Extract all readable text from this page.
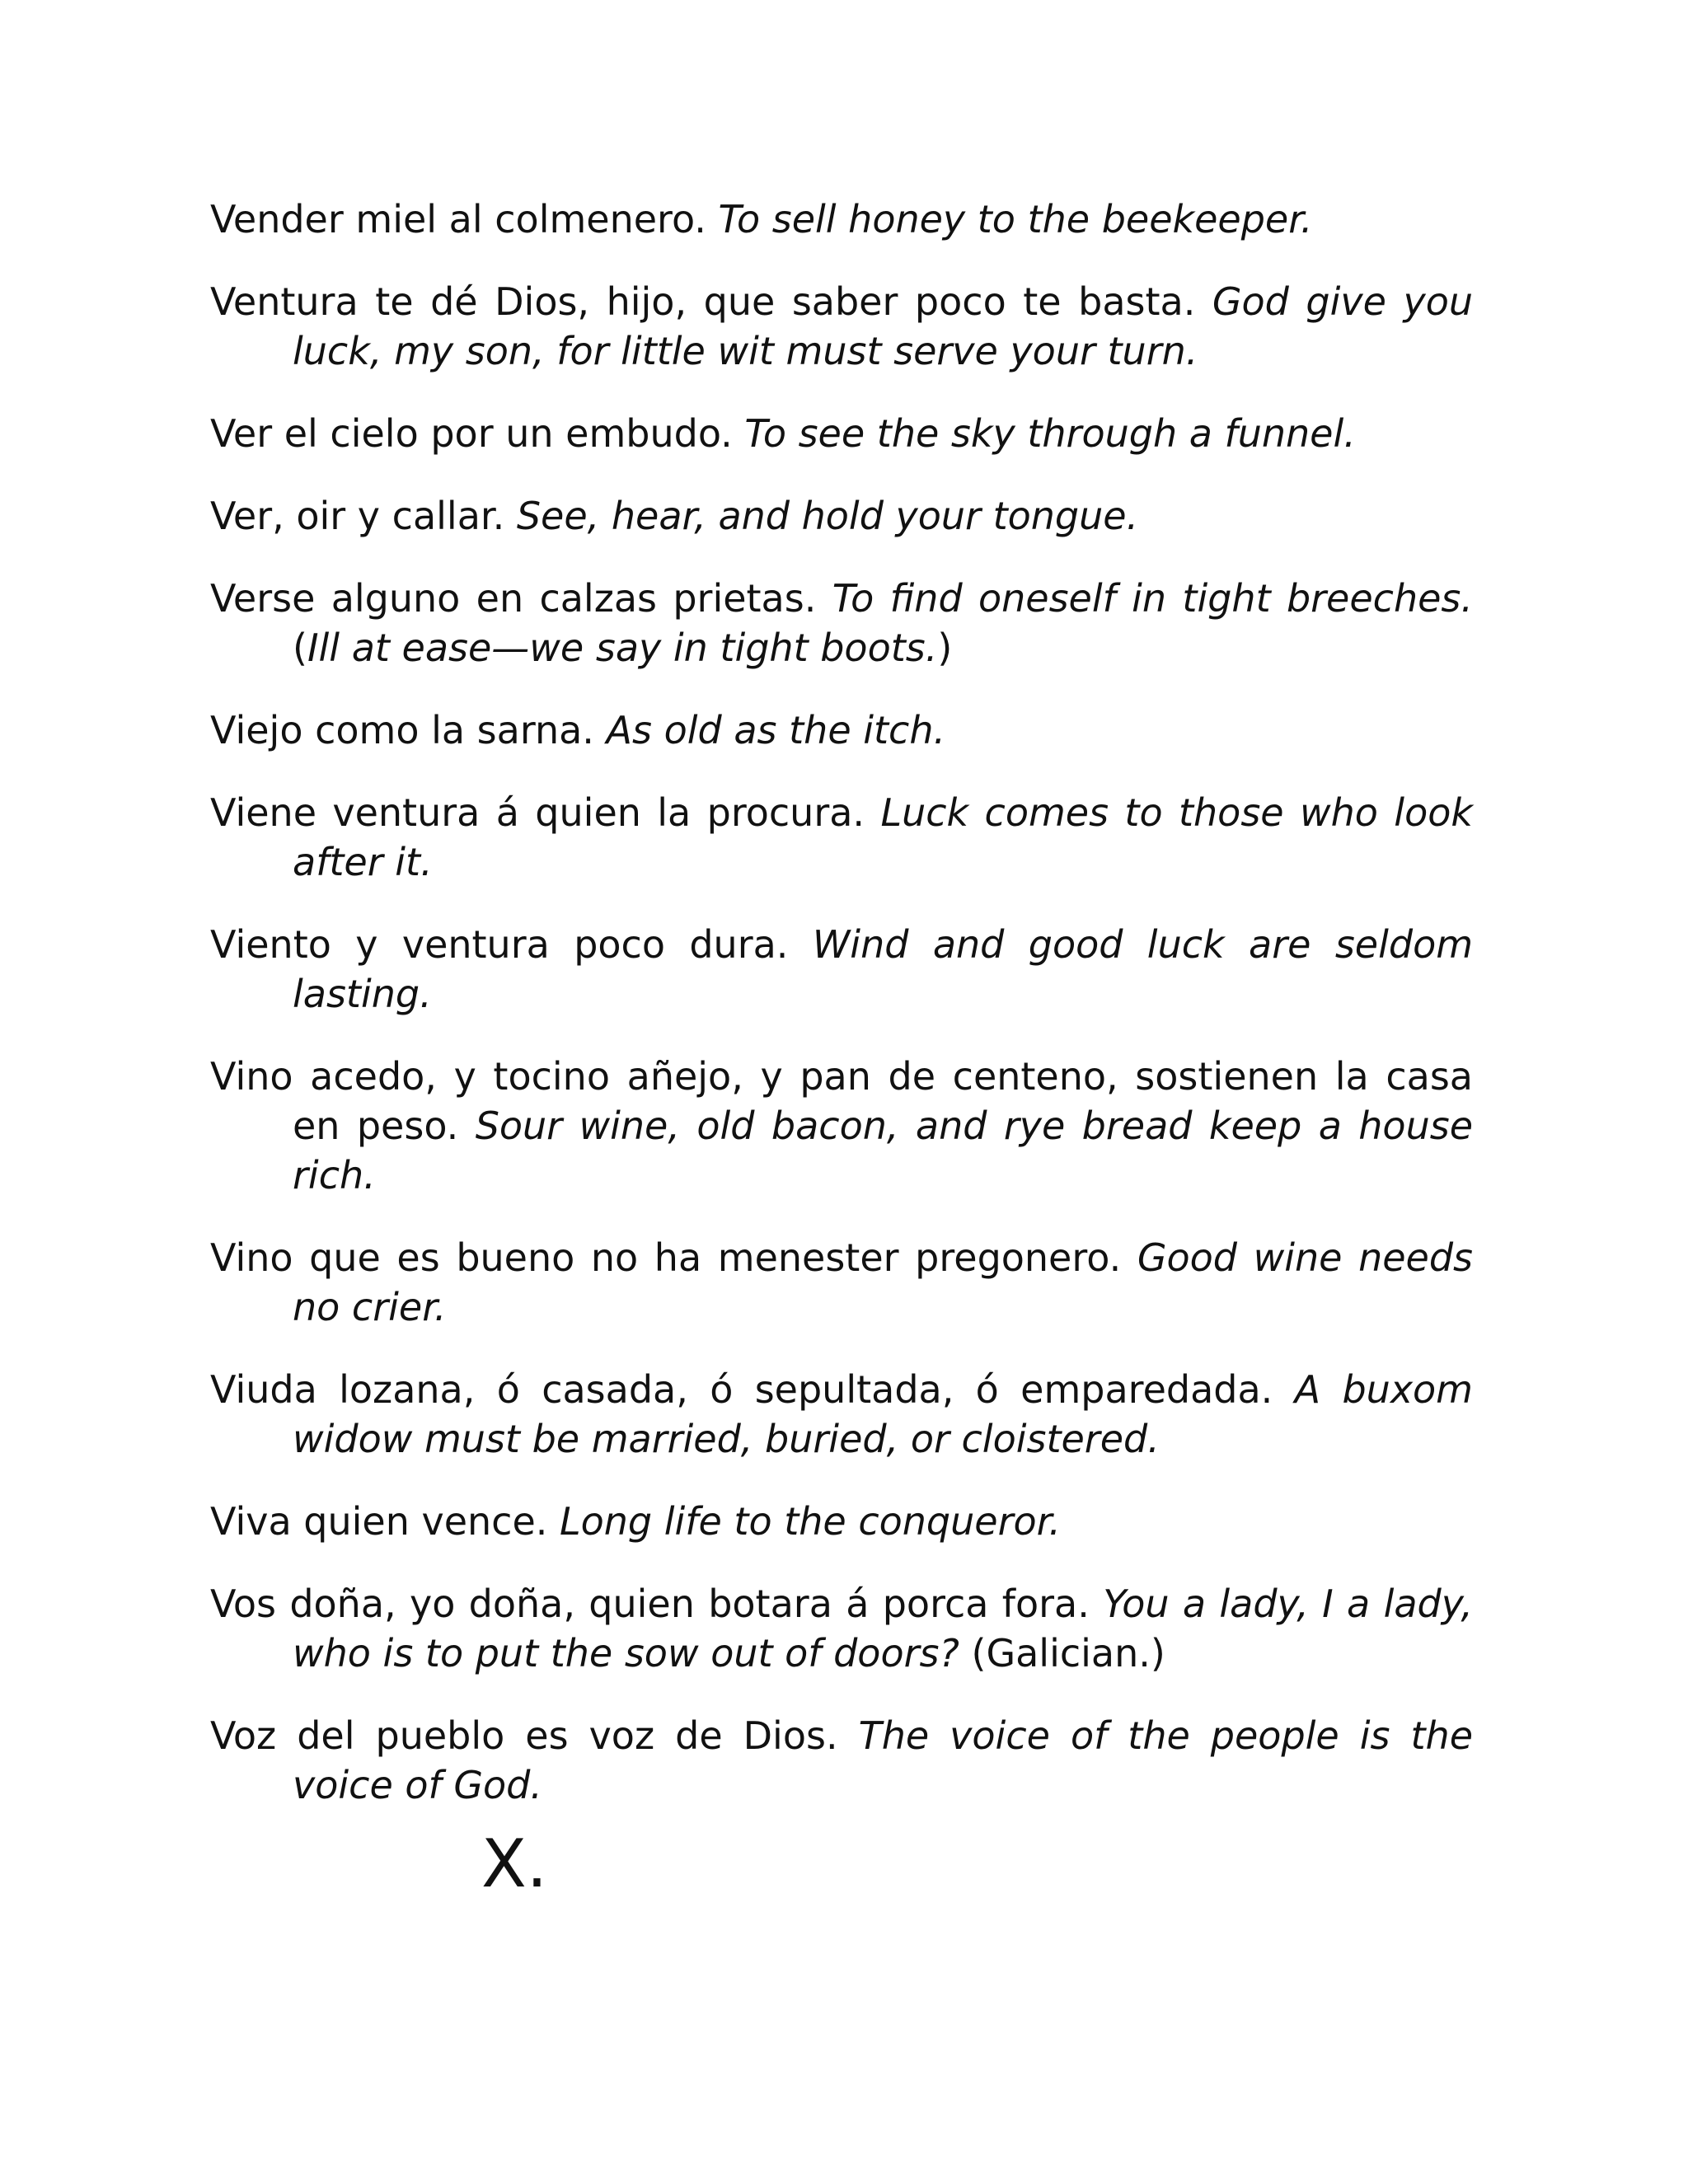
Vender miel al colmenero. To sell honey to the beekeeper.

Ventura te dé Dios, hijo, que saber poco te basta. God give you luck, my son, for little wit must serve your turn.

Ver el cielo por un embudo. To see the sky through a funnel.

Ver, oir y callar. See, hear, and hold your tongue.

Verse alguno en calzas prietas. To find oneself in tight breeches. (Ill at ease—we say in tight boots.)

Viejo como la sarna. As old as the itch.

Viene ventura á quien la procura. Luck comes to those who look after it.

Viento y ventura poco dura. Wind and good luck are seldom lasting.

Vino acedo, y tocino añejo, y pan de centeno, sostienen la casa en peso. Sour wine, old bacon, and rye bread keep a house rich.

Vino que es bueno no ha menester pregonero. Good wine needs no crier.

Viuda lozana, ó casada, ó sepultada, ó emparedada. A buxom widow must be married, buried, or cloistered.

Viva quien vence. Long life to the conqueror.

Vos doña, yo doña, quien botara á porca fora. You a lady, I a lady, who is to put the sow out of doors? (Galician.)

Voz del pueblo es voz de Dios. The voice of the people is the voice of God.

X.
